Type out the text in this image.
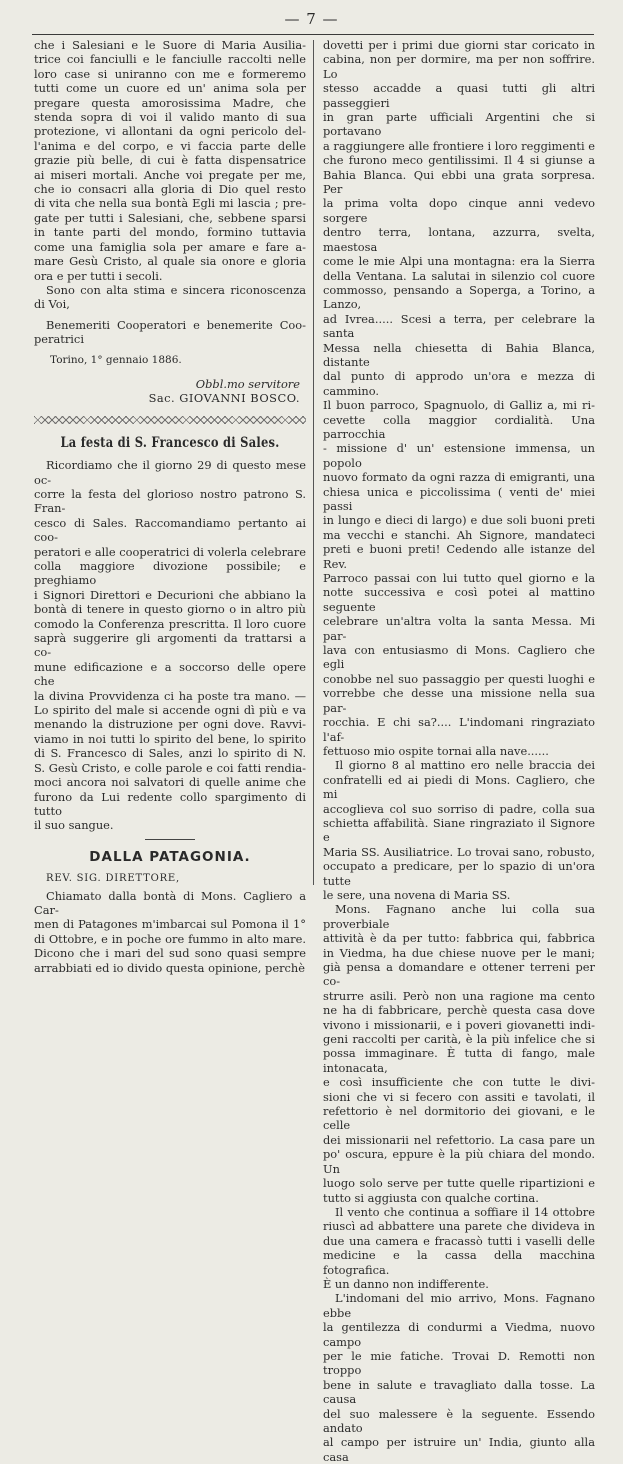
— 7 —

che i Salesiani e le Suore di Maria Ausilia-

trice coi fanciulli e le fanciulle raccolti nelle

loro case si uniranno con me e formeremo

tutti come un cuore ed un' anima sola per

pregare questa amorosissima Madre, che

stenda sopra di voi il valido manto di sua

protezione, vi allontani da ogni pericolo del-

l'anima e del corpo, e vi faccia parte delle

grazie più belle, di cui è fatta dispensatrice

ai miseri mortali. Anche voi pregate per me,

che io consacri alla gloria di Dio quel resto

di vita che nella sua bontà Egli mi lascia ; pre-

gate per tutti i Salesiani, che, sebbene sparsi

in tante parti del mondo, formino tuttavia

come una famiglia sola per amare e fare a-

mare Gesù Cristo, al quale sia onore e gloria

ora e per tutti i secoli.

Sono con alta stima e sincera riconoscenza

di Voi,

Benemeriti Cooperatori e benemerite Coo-

peratrici

Torino, 1° gennaio 1886.

Obbl.mo servitore

Sac. GIOVANNI BOSCO.

La festa di S. Francesco di Sales.

Ricordiamo che il giorno 29 di questo mese oc-

corre la festa del glorioso nostro patrono S. Fran-

cesco di Sales. Raccomandiamo pertanto ai coo-

peratori e alle cooperatrici di volerla celebrare

colla maggiore divozione possibile; e preghiamo

i Signori Direttori e Decurioni che abbiano la

bontà di tenere in questo giorno o in altro più

comodo la Conferenza prescritta. Il loro cuore

saprà suggerire gli argomenti da trattarsi a co-

mune edificazione e a soccorso delle opere che

la divina Provvidenza ci ha poste tra mano. —

Lo spirito del male si accende ogni dì più e va

menando la distruzione per ogni dove. Ravvi-

viamo in noi tutti lo spirito del bene, lo spirito

di S. Francesco di Sales, anzi lo spirito di N.

S. Gesù Cristo, e colle parole e coi fatti rendia-

moci ancora noi salvatori di quelle anime che

furono da Lui redente collo spargimento di tutto

il suo sangue.

DALLA PATAGONIA.

REV. SIG. DIRETTORE,

Chiamato dalla bontà di Mons. Cagliero a Car-

men di Patagones m'imbarcai sul Pomona il 1°

di Ottobre, e in poche ore fummo in alto mare.

Dicono che i mari del sud sono quasi sempre

arrabbiati ed io divido questa opinione, perchè

dovetti per i primi due giorni star coricato in

cabina, non per dormire, ma per non soffrire. Lo

stesso accadde a quasi tutti gli altri passeggieri

in gran parte ufficiali Argentini che si portavano

a raggiungere alle frontiere i loro reggimenti e

che furono meco gentilissimi. Il 4 si giunse a

Bahia Blanca. Qui ebbi una grata sorpresa. Per

la prima volta dopo cinque anni vedevo sorgere

dentro terra, lontana, azzurra, svelta, maestosa

come le mie Alpi una montagna: era la Sierra

della Ventana. La salutai in silenzio col cuore

commosso, pensando a Soperga, a Torino, a Lanzo,

ad Ivrea..... Scesi a terra, per celebrare la santa

Messa nella chiesetta di Bahia Blanca, distante

dal punto di approdo un'ora e mezza di cammino.

Il buon parroco, Spagnuolo, di Galliz a, mi ri-

cevette colla maggior cordialità. Una parrocchia

- missione d' un' estensione immensa, un popolo

nuovo formato da ogni razza di emigranti, una

chiesa unica e piccolissima ( venti de' miei passi

in lungo e dieci di largo) e due soli buoni preti

ma vecchi e stanchi. Ah Signore, mandateci

preti e buoni preti! Cedendo alle istanze del Rev.

Parroco passai con lui tutto quel giorno e la

notte successiva e così potei al mattino seguente

celebrare un'altra volta la santa Messa. Mi par-

lava con entusiasmo di Mons. Cagliero che egli

conobbe nel suo passaggio per questi luoghi e

vorrebbe che desse una missione nella sua par-

rocchia. E chi sa?.... L'indomani ringraziato l'af-

fettuoso mio ospite tornai alla nave......

Il giorno 8 al mattino ero nelle braccia dei

confratelli ed ai piedi di Mons. Cagliero, che mi

accoglieva col suo sorriso di padre, colla sua

schietta affabilità. Siane ringraziato il Signore e

Maria SS. Ausiliatrice. Lo trovai sano, robusto,

occupato a predicare, per lo spazio di un'ora tutte

le sere, una novena di Maria SS.

Mons. Fagnano anche lui colla sua proverbiale

attività è da per tutto: fabbrica qui, fabbrica

in Viedma, ha due chiese nuove per le mani;

già pensa a domandare e ottener terreni per co-

strurre asili. Però non una ragione ma cento

ne ha di fabbricare, perchè questa casa dove

vivono i missionarii, e i poveri giovanetti indi-

geni raccolti per carità, è la più infelice che si

possa immaginare. È tutta di fango, male intonacata,

e così insufficiente che con tutte le divi-

sioni che vi si fecero con assiti e tavolati, il

refettorio è nel dormitorio dei giovani, e le celle

dei missionarii nel refettorio. La casa pare un

po' oscura, eppure è la più chiara del mondo. Un

luogo solo serve per tutte quelle ripartizioni e

tutto si aggiusta con qualche cortina.

Il vento che continua a soffiare il 14 ottobre

riuscì ad abbattere una parete che divideva in

due una camera e fracassò tutti i vaselli delle

medicine e la cassa della macchina fotografica.

È un danno non indifferente.

L'indomani del mio arrivo, Mons. Fagnano ebbe

la gentilezza di condurmi a Viedma, nuovo campo

per le mie fatiche. Trovai D. Remotti non troppo

bene in salute e travagliato dalla tosse. La causa

del suo malessere è la seguente. Essendo andato

al campo per istruire un' India, giunto alla casa
